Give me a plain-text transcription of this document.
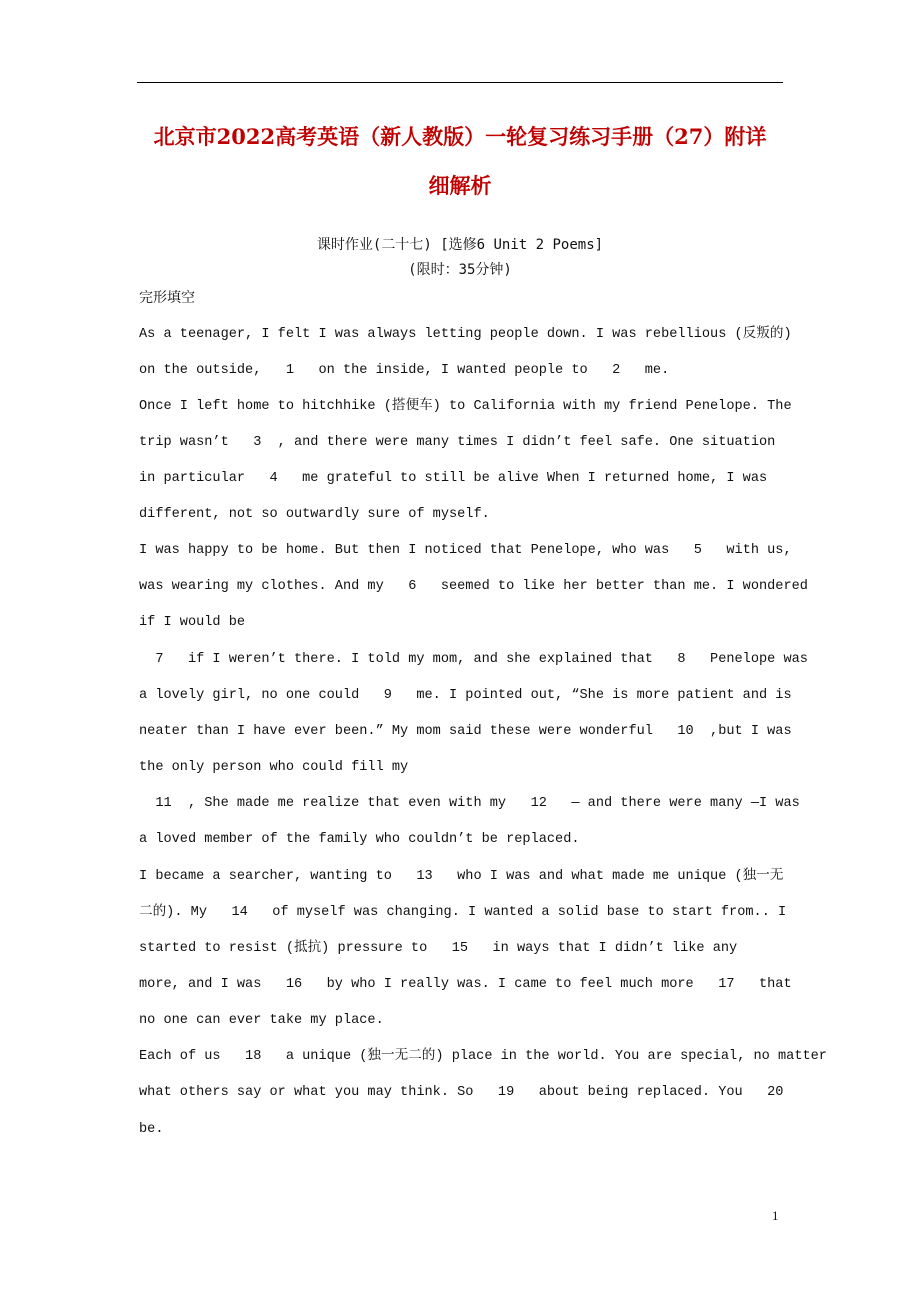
北京市2022高考英语（新人教版）一轮复习练习手册（27）附详
细解析
课时作业(二十七) [选修6 Unit 2 Poems]
(限时：35分钟)
完形填空
As a teenager, I felt I was always letting people down. I was rebellious (反叛的)
on the outside,   1   on the inside, I wanted people to   2   me.
Once I left home to hitchhike (搭便车) to California with my friend Penelope. The
trip wasn’t   3  , and there were many times I didn’t feel safe. One situation
in particular   4   me grateful to still be alive When I returned home, I was
different, not so outwardly sure of myself.
I was happy to be home. But then I noticed that Penelope, who was   5   with us,
was wearing my clothes. And my   6   seemed to like her better than me. I wondered
if I would be
7   if I weren’t there. I told my mom, and she explained that   8   Penelope was
a lovely girl, no one could   9   me. I pointed out, “She is more patient and is
neater than I have ever been.” My mom said these were wonderful   10  ,but I was
the only person who could fill my
11  , She made me realize that even with my   12   — and there were many —I was
a loved member of the family who couldn’t be replaced.
I became a searcher, wanting to   13   who I was and what made me unique (独一无
二的). My   14   of myself was changing. I wanted a solid base to start from.. I
started to resist (抵抗) pressure to   15   in ways that I didn’t like any
more, and I was   16   by who I really was. I came to feel much more   17   that
no one can ever take my place.
Each of us   18   a unique (独一无二的) place in the world. You are special, no matter
what others say or what you may think. So   19   about being replaced. You   20
be.
1
